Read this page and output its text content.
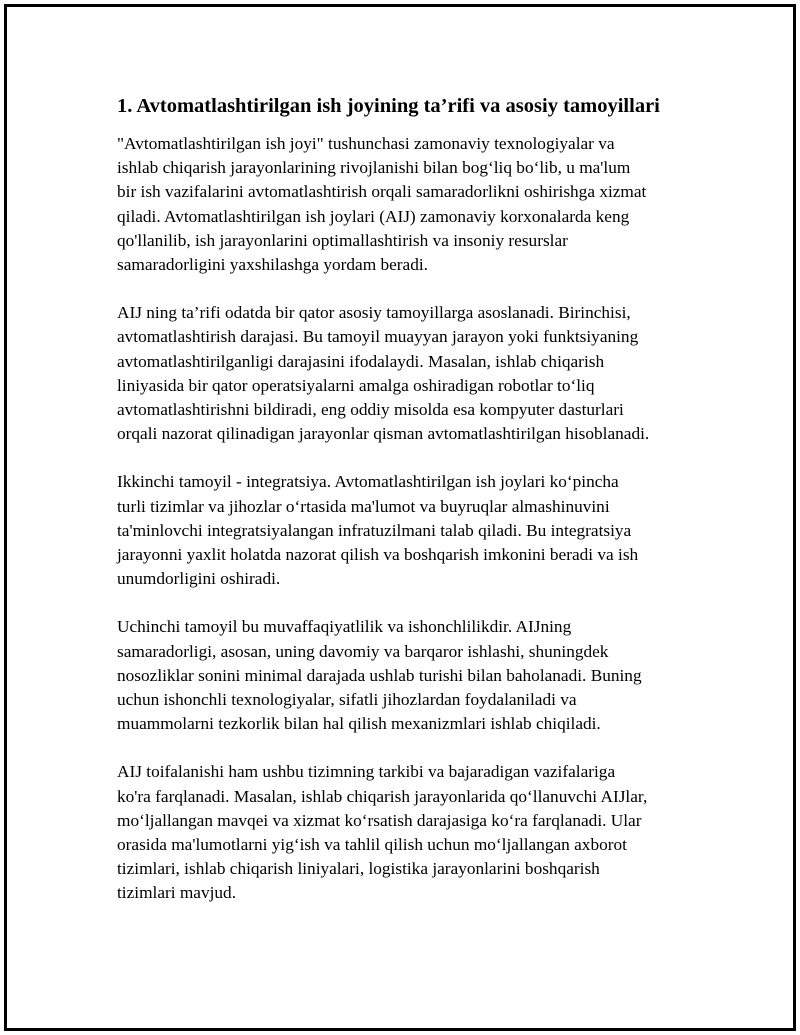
1. Avtomatlashtirilgan ish joyining ta’rifi va asosiy tamoyillari

"Avtomatlashtirilgan ish joyi" tushunchasi zamonaviy texnologiyalar va
ishlab chiqarish jarayonlarining rivojlanishi bilan bog‘liq bo‘lib, u ma'lum
bir ish vazifalarini avtomatlashtirish orqali samaradorlikni oshirishga xizmat
qiladi. Avtomatlashtirilgan ish joylari (AIJ) zamonaviy korxonalarda keng
qo'llanilib, ish jarayonlarini optimallashtirish va insoniy resurslar
samaradorligini yaxshilashga yordam beradi.

AIJ ning ta’rifi odatda bir qator asosiy tamoyillarga asoslanadi. Birinchisi,
avtomatlashtirish darajasi. Bu tamoyil muayyan jarayon yoki funktsiyaning
avtomatlashtirilganligi darajasini ifodalaydi. Masalan, ishlab chiqarish
liniyasida bir qator operatsiyalarni amalga oshiradigan robotlar to‘liq
avtomatlashtirishni bildiradi, eng oddiy misolda esa kompyuter dasturlari
orqali nazorat qilinadigan jarayonlar qisman avtomatlashtirilgan hisoblanadi.

Ikkinchi tamoyil - integratsiya. Avtomatlashtirilgan ish joylari ko‘pincha
turli tizimlar va jihozlar o‘rtasida ma'lumot va buyruqlar almashinuvini
ta'minlovchi integratsiyalangan infratuzilmani talab qiladi. Bu integratsiya
jarayonni yaxlit holatda nazorat qilish va boshqarish imkonini beradi va ish
unumdorligini oshiradi.

Uchinchi tamoyil bu muvaffaqiyatlilik va ishonchlilikdir. AIJning
samaradorligi, asosan, uning davomiy va barqaror ishlashi, shuningdek
nosozliklar sonini minimal darajada ushlab turishi bilan baholanadi. Buning
uchun ishonchli texnologiyalar, sifatli jihozlardan foydalaniladi va
muammolarni tezkorlik bilan hal qilish mexanizmlari ishlab chiqiladi.

AIJ toifalanishi ham ushbu tizimning tarkibi va bajaradigan vazifalariga
ko'ra farqlanadi. Masalan, ishlab chiqarish jarayonlarida qo‘llanuvchi AIJlar,
mo‘ljallangan mavqei va xizmat ko‘rsatish darajasiga ko‘ra farqlanadi. Ular
orasida ma'lumotlarni yig‘ish va tahlil qilish uchun mo‘ljallangan axborot
tizimlari, ishlab chiqarish liniyalari, logistika jarayonlarini boshqarish
tizimlari mavjud.
